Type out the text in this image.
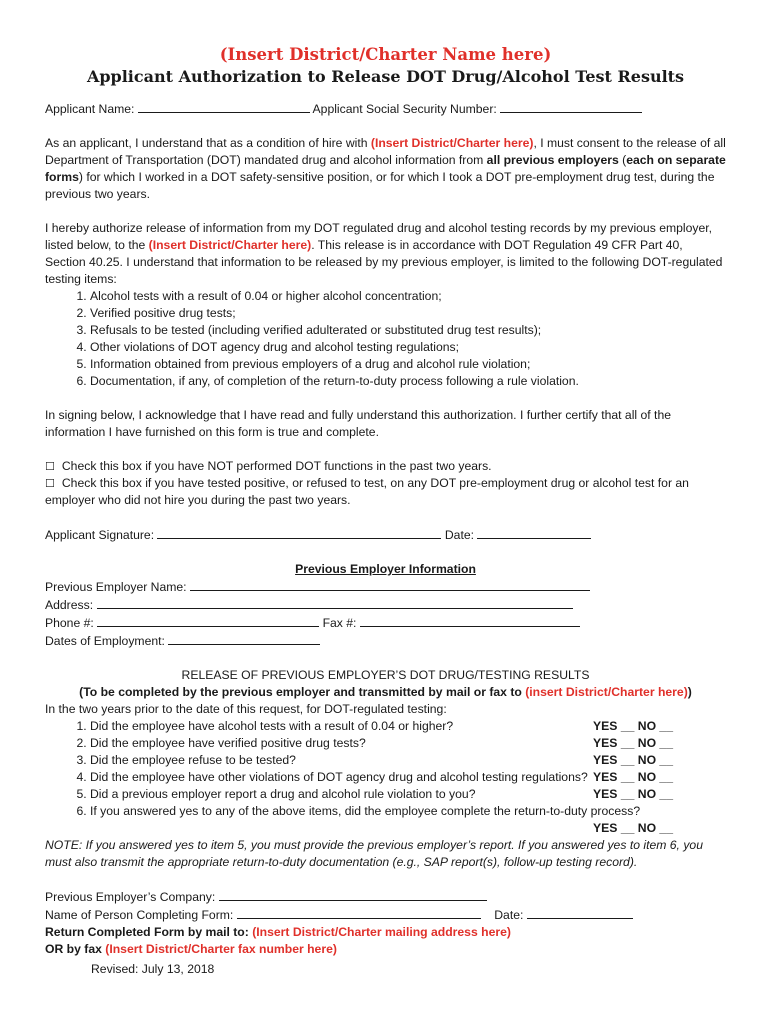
(Insert District/Charter Name here)
Applicant Authorization to Release DOT Drug/Alcohol Test Results

Applicant Name:	Applicant Social Security Number:

As an applicant, I understand that as a condition of hire with (Insert District/Charter here), I must consent to the release of all Department of Transportation (DOT) mandated drug and alcohol information from all previous employers (each on separate forms) for which I worked in a DOT safety-sensitive position, or for which I took a DOT pre-employment drug test, during the previous two years.

I hereby authorize release of information from my DOT regulated drug and alcohol testing records by my previous employer, listed below, to the (Insert District/Charter here). This release is in accordance with DOT Regulation 49 CFR Part 40, Section 40.25. I understand that information to be released by my previous employer, is limited to the following DOT-regulated testing items:

1. Alcohol tests with a result of 0.04 or higher alcohol concentration;
2. Verified positive drug tests;
3. Refusals to be tested (including verified adulterated or substituted drug test results);
4. Other violations of DOT agency drug and alcohol testing regulations;
5. Information obtained from previous employers of a drug and alcohol rule violation;
6. Documentation, if any, of completion of the return-to-duty process following a rule violation.

In signing below, I acknowledge that I have read and fully understand this authorization. I further certify that all of the information I have furnished on this form is true and complete.

☐ Check this box if you have NOT performed DOT functions in the past two years.

☐ Check this box if you have tested positive, or refused to test, on any DOT pre-employment drug or alcohol test for an employer who did not hire you during the past two years.

Applicant Signature:	Date:

Previous Employer Information

Previous Employer Name:

Address:

Phone #:	Fax #:

Dates of Employment:

RELEASE OF PREVIOUS EMPLOYER’S DOT DRUG/TESTING RESULTS

(To be completed by the previous employer and transmitted by mail or fax to (insert District/Charter here))

In the two years prior to the date of this request, for DOT-regulated testing:

1. Did the employee have alcohol tests with a result of 0.04 or higher?	YES __ NO __
2. Did the employee have verified positive drug tests?	YES __ NO __
3. Did the employee refuse to be tested?	YES __ NO __
4. Did the employee have other violations of DOT agency drug and alcohol testing regulations? YES __ NO __
5. Did a previous employer report a drug and alcohol rule violation to you?	YES __ NO __
6. If you answered yes to any of the above items, did the employee complete the return-to-duty process?

YES __ NO __

NOTE: If you answered yes to item 5, you must provide the previous employer’s report. If you answered yes to item 6, you must also transmit the appropriate return-to-duty documentation (e.g., SAP report(s), follow-up testing record).

Previous Employer’s Company:

Name of Person Completing Form:	Date:

Return Completed Form by mail to: (Insert District/Charter mailing address here)

OR by fax (Insert District/Charter fax number here)

Revised: July 13, 2018
